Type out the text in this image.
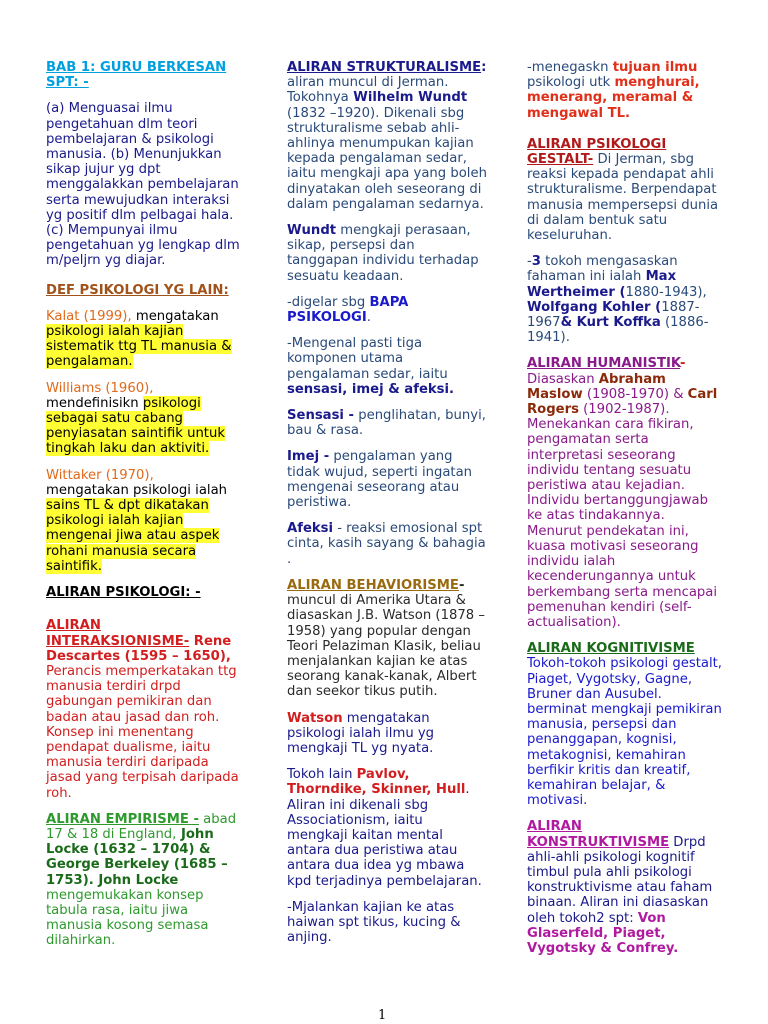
BAB 1: GURU BERKESAN SPT: -

(a) Menguasai ilmu pengetahuan dlm teori pembelajaran & psikologi manusia. (b) Menunjukkan sikap jujur yg dpt menggalakkan pembelajaran serta mewujudkan interaksi yg positif dlm pelbagai hala. (c) Mempunyai ilmu pengetahuan yg lengkap dlm m/peljrn yg diajar.

DEF PSIKOLOGI YG LAIN:

Kalat (1999), mengatakan psikologi ialah kajian sistematik ttg TL manusia & pengalaman.

Williams (1960),
mendefinisikn psikologi sebagai satu cabang penyiasatan saintifik untuk tingkah laku dan aktiviti.

Wittaker (1970),
mengatakan psikologi ialah sains TL & dpt dikatakan psikologi ialah kajian mengenai jiwa atau aspek rohani manusia secara saintifik.

ALIRAN PSIKOLOGI: -

ALIRAN INTERAKSIONISME- Rene Descartes (1595 – 1650), Perancis memperkatakan ttg manusia terdiri drpd gabungan pemikiran dan badan atau jasad dan roh. Konsep ini menentang pendapat dualisme, iaitu manusia terdiri daripada jasad yang terpisah daripada roh.

ALIRAN EMPIRISME - abad 17 & 18 di England, John Locke (1632 – 1704) & George Berkeley (1685 – 1753). John Locke mengemukakan konsep tabula rasa, iaitu jiwa manusia kosong semasa dilahirkan.

ALIRAN STRUKTURALISME: aliran muncul di Jerman. Tokohnya Wilhelm Wundt (1832 –1920). Dikenali sbg strukturalisme sebab ahli-ahlinya menumpukan kajian kepada pengalaman sedar, iaitu mengkaji apa yang boleh dinyatakan oleh seseorang di dalam pengalaman sedarnya.

Wundt mengkaji perasaan, sikap, persepsi dan tanggapan individu terhadap sesuatu keadaan.

-digelar sbg BAPA PSIKOLOGI.

-Mengenal pasti tiga komponen utama pengalaman sedar, iaitu sensasi, imej & afeksi.

Sensasi - penglihatan, bunyi, bau & rasa.

Imej - pengalaman yang tidak wujud, seperti ingatan mengenai seseorang atau peristiwa.

Afeksi - reaksi emosional spt cinta, kasih sayang & bahagia .

ALIRAN BEHAVIORISME- muncul di Amerika Utara & diasaskan J.B. Watson (1878 – 1958) yang popular dengan Teori Pelaziman Klasik, beliau menjalankan kajian ke atas seorang kanak-kanak, Albert dan seekor tikus putih.

Watson mengatakan psikologi ialah ilmu yg mengkaji TL yg nyata.

Tokoh lain Pavlov, Thorndike, Skinner, Hull. Aliran ini dikenali sbg Associationism, iaitu mengkaji kaitan mental antara dua peristiwa atau antara dua idea yg mbawa kpd terjadinya pembelajaran.

-Mjalankan kajian ke atas haiwan spt tikus, kucing & anjing.

-menegaskn tujuan ilmu psikologi utk menghurai, menerang, meramal & mengawal TL.

ALIRAN PSIKOLOGI GESTALT- Di Jerman, sbg reaksi kepada pendapat ahli strukturalisme. Berpendapat manusia mempersepsi dunia di dalam bentuk satu keseluruhan.

-3 tokoh mengasaskan fahaman ini ialah Max Wertheimer (1880-1943), Wolfgang Kohler (1887-1967& Kurt Koffka (1886-1941).

ALIRAN HUMANISTIK- Diasaskan Abraham Maslow (1908-1970) & Carl Rogers (1902-1987). Menekankan cara fikiran, pengamatan serta interpretasi seseorang individu tentang sesuatu peristiwa atau kejadian. Individu bertanggungjawab ke atas tindakannya. Menurut pendekatan ini, kuasa motivasi seseorang individu ialah kecenderungannya untuk berkembang serta mencapai pemenuhan kendiri (self-actualisation).

ALIRAN KOGNITIVISME Tokoh-tokoh psikologi gestalt, Piaget, Vygotsky, Gagne, Bruner dan Ausubel. berminat mengkaji pemikiran manusia, persepsi dan penanggapan, kognisi, metakognisi, kemahiran berfikir kritis dan kreatif, kemahiran belajar, & motivasi.

ALIRAN KONSTRUKTIVISME Drpd ahli-ahli psikologi kognitif timbul pula ahli psikologi konstruktivisme atau faham binaan. Aliran ini diasaskan oleh tokoh2 spt: Von Glaserfeld, Piaget, Vygotsky & Confrey.

1
